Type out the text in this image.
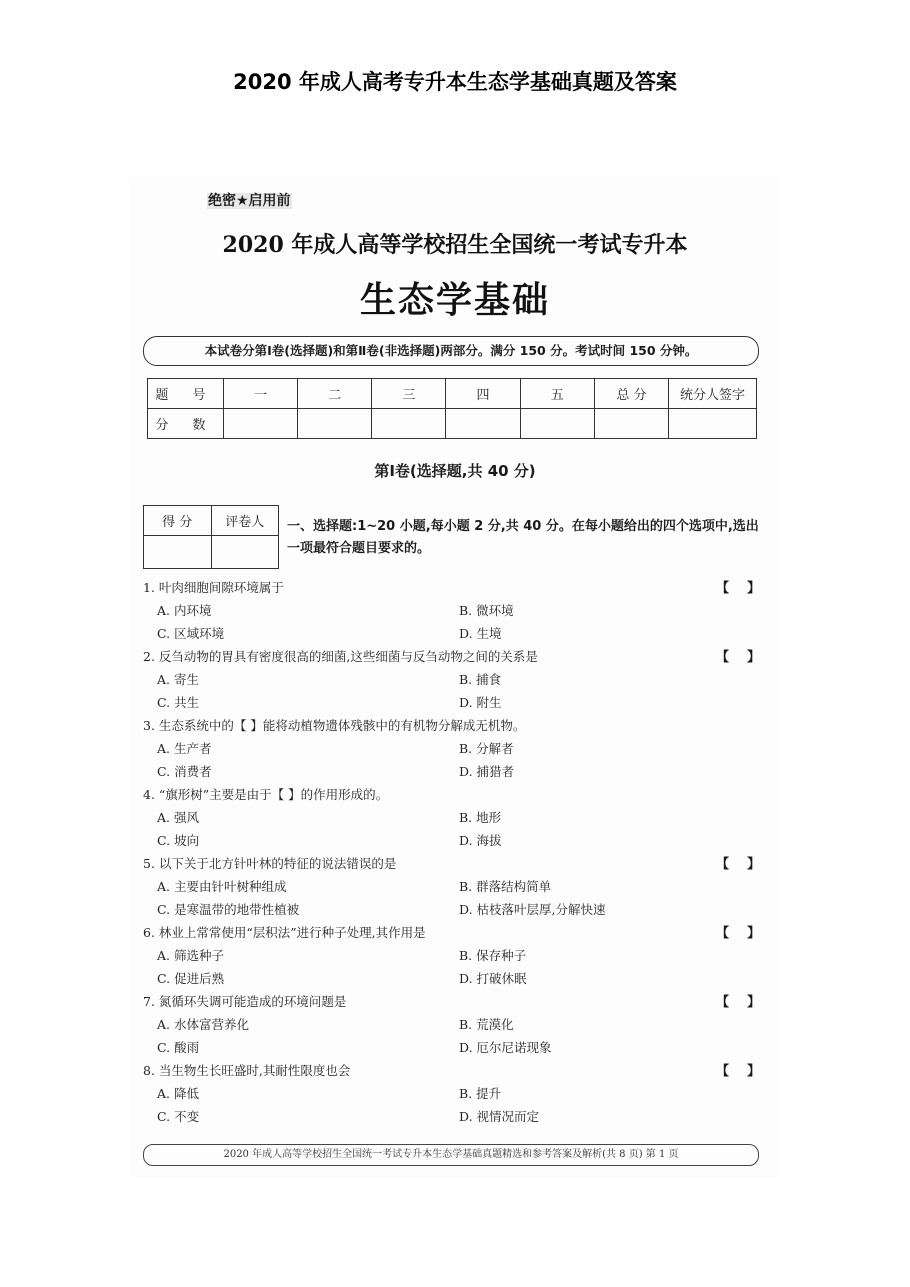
2020 年成人高考专升本生态学基础真题及答案
绝密★启用前
2020 年成人高等学校招生全国统一考试专升本
生态学基础
本试卷分第Ⅰ卷(选择题)和第Ⅱ卷(非选择题)两部分。满分 150 分。考试时间 150 分钟。
题 号	一	二	三	四	五	总 分	统分人签字
分 数							
第Ⅰ卷(选择题,共 40 分)
得 分	评卷人
	一、选择题:1~20 小题,每小题 2 分,共 40 分。在每小题给出的四个选项中,选出一项最符合题目要求的。
1. 叶肉细胞间隙环境属于	【    】
A. 内环境	B. 微环境
C. 区域环境	D. 生境
2. 反刍动物的胃具有密度很高的细菌,这些细菌与反刍动物之间的关系是	【    】
A. 寄生	B. 捕食
C. 共生	D. 附生
3. 生态系统中的【 】能将动植物遗体残骸中的有机物分解成无机物。
A. 生产者	B. 分解者
C. 消费者	D. 捕猎者
4. “旗形树”主要是由于【 】的作用形成的。
A. 强风	B. 地形
C. 坡向	D. 海拔
5. 以下关于北方针叶林的特征的说法错误的是	【    】
A. 主要由针叶树种组成	B. 群落结构简单
C. 是寒温带的地带性植被	D. 枯枝落叶层厚,分解快速
6. 林业上常常使用“层积法”进行种子处理,其作用是	【    】
A. 筛选种子	B. 保存种子
C. 促进后熟	D. 打破休眠
7. 氮循环失调可能造成的环境问题是	【    】
A. 水体富营养化	B. 荒漠化
C. 酸雨	D. 厄尔尼诺现象
8. 当生物生长旺盛时,其耐性限度也会	【    】
A. 降低	B. 提升
C. 不变	D. 视情况而定
2020 年成人高等学校招生全国统一考试专升本生态学基础真题精选和参考答案及解析(共 8 页) 第 1 页
